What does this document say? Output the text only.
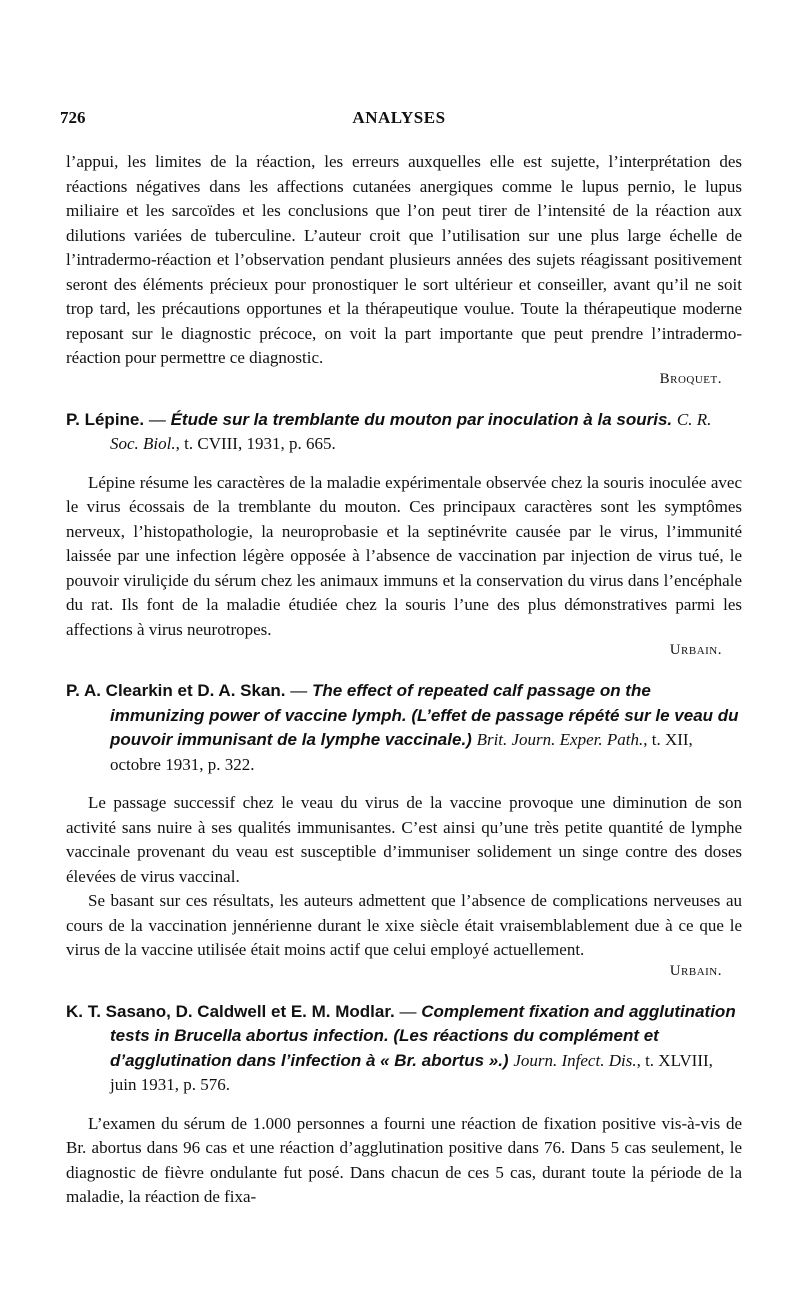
726	ANALYSES

l’appui, les limites de la réaction, les erreurs auxquelles elle est sujette, l’interprétation des réactions négatives dans les affections cutanées anergiques comme le lupus pernio, le lupus miliaire et les sarcoïdes et les conclusions que l’on peut tirer de l’intensité de la réaction aux dilutions variées de tuberculine. L’auteur croit que l’utilisation sur une plus large échelle de l’intradermo-réaction et l’observation pendant plusieurs années des sujets réagissant positivement seront des éléments précieux pour pronostiquer le sort ultérieur et conseiller, avant qu’il ne soit trop tard, les précautions opportunes et la thérapeutique voulue. Toute la thérapeutique moderne reposant sur le diagnostic précoce, on voit la part importante que peut prendre l’intradermo-réaction pour permettre ce diagnostic.

Broquet.
P. Lépine. — Étude sur la tremblante du mouton par inoculation à la souris. C. R. Soc. Biol., t. CVIII, 1931, p. 665.

Lépine résume les caractères de la maladie expérimentale observée chez la souris inoculée avec le virus écossais de la tremblante du mouton. Ces principaux caractères sont les symptômes nerveux, l’histopathologie, la neuroprobasie et la septinévrite causée par le virus, l’immunité laissée par une infection légère opposée à l’absence de vaccination par injection de virus tué, le pouvoir viruliçide du sérum chez les animaux immuns et la conservation du virus dans l’encéphale du rat. Ils font de la maladie étudiée chez la souris l’une des plus démonstratives parmi les affections à virus neurotropes.

Urbain.
P. A. Clearkin et D. A. Skan. — The effect of repeated calf passage on the immunizing power of vaccine lymph. (L’effet de passage répété sur le veau du pouvoir immunisant de la lymphe vaccinale.) Brit. Journ. Exper. Path., t. XII, octobre 1931, p. 322.

Le passage successif chez le veau du virus de la vaccine provoque une diminution de son activité sans nuire à ses qualités immunisantes. C’est ainsi qu’une très petite quantité de lymphe vaccinale provenant du veau est susceptible d’immuniser solidement un singe contre des doses élevées de virus vaccinal.

Se basant sur ces résultats, les auteurs admettent que l’absence de complications nerveuses au cours de la vaccination jennérienne durant le xixe siècle était vraisemblablement due à ce que le virus de la vaccine utilisée était moins actif que celui employé actuellement.

Urbain.
K. T. Sasano, D. Caldwell et E. M. Modlar. — Complement fixation and agglutination tests in Brucella abortus infection. (Les réactions du complément et d’agglutination dans l’infection à « Br. abortus ».) Journ. Infect. Dis., t. XLVIII, juin 1931, p. 576.

L’examen du sérum de 1.000 personnes a fourni une réaction de fixation positive vis-à-vis de Br. abortus dans 96 cas et une réaction d’agglutination positive dans 76. Dans 5 cas seulement, le diagnostic de fièvre ondulante fut posé. Dans chacun de ces 5 cas, durant toute la période de la maladie, la réaction de fixa-
